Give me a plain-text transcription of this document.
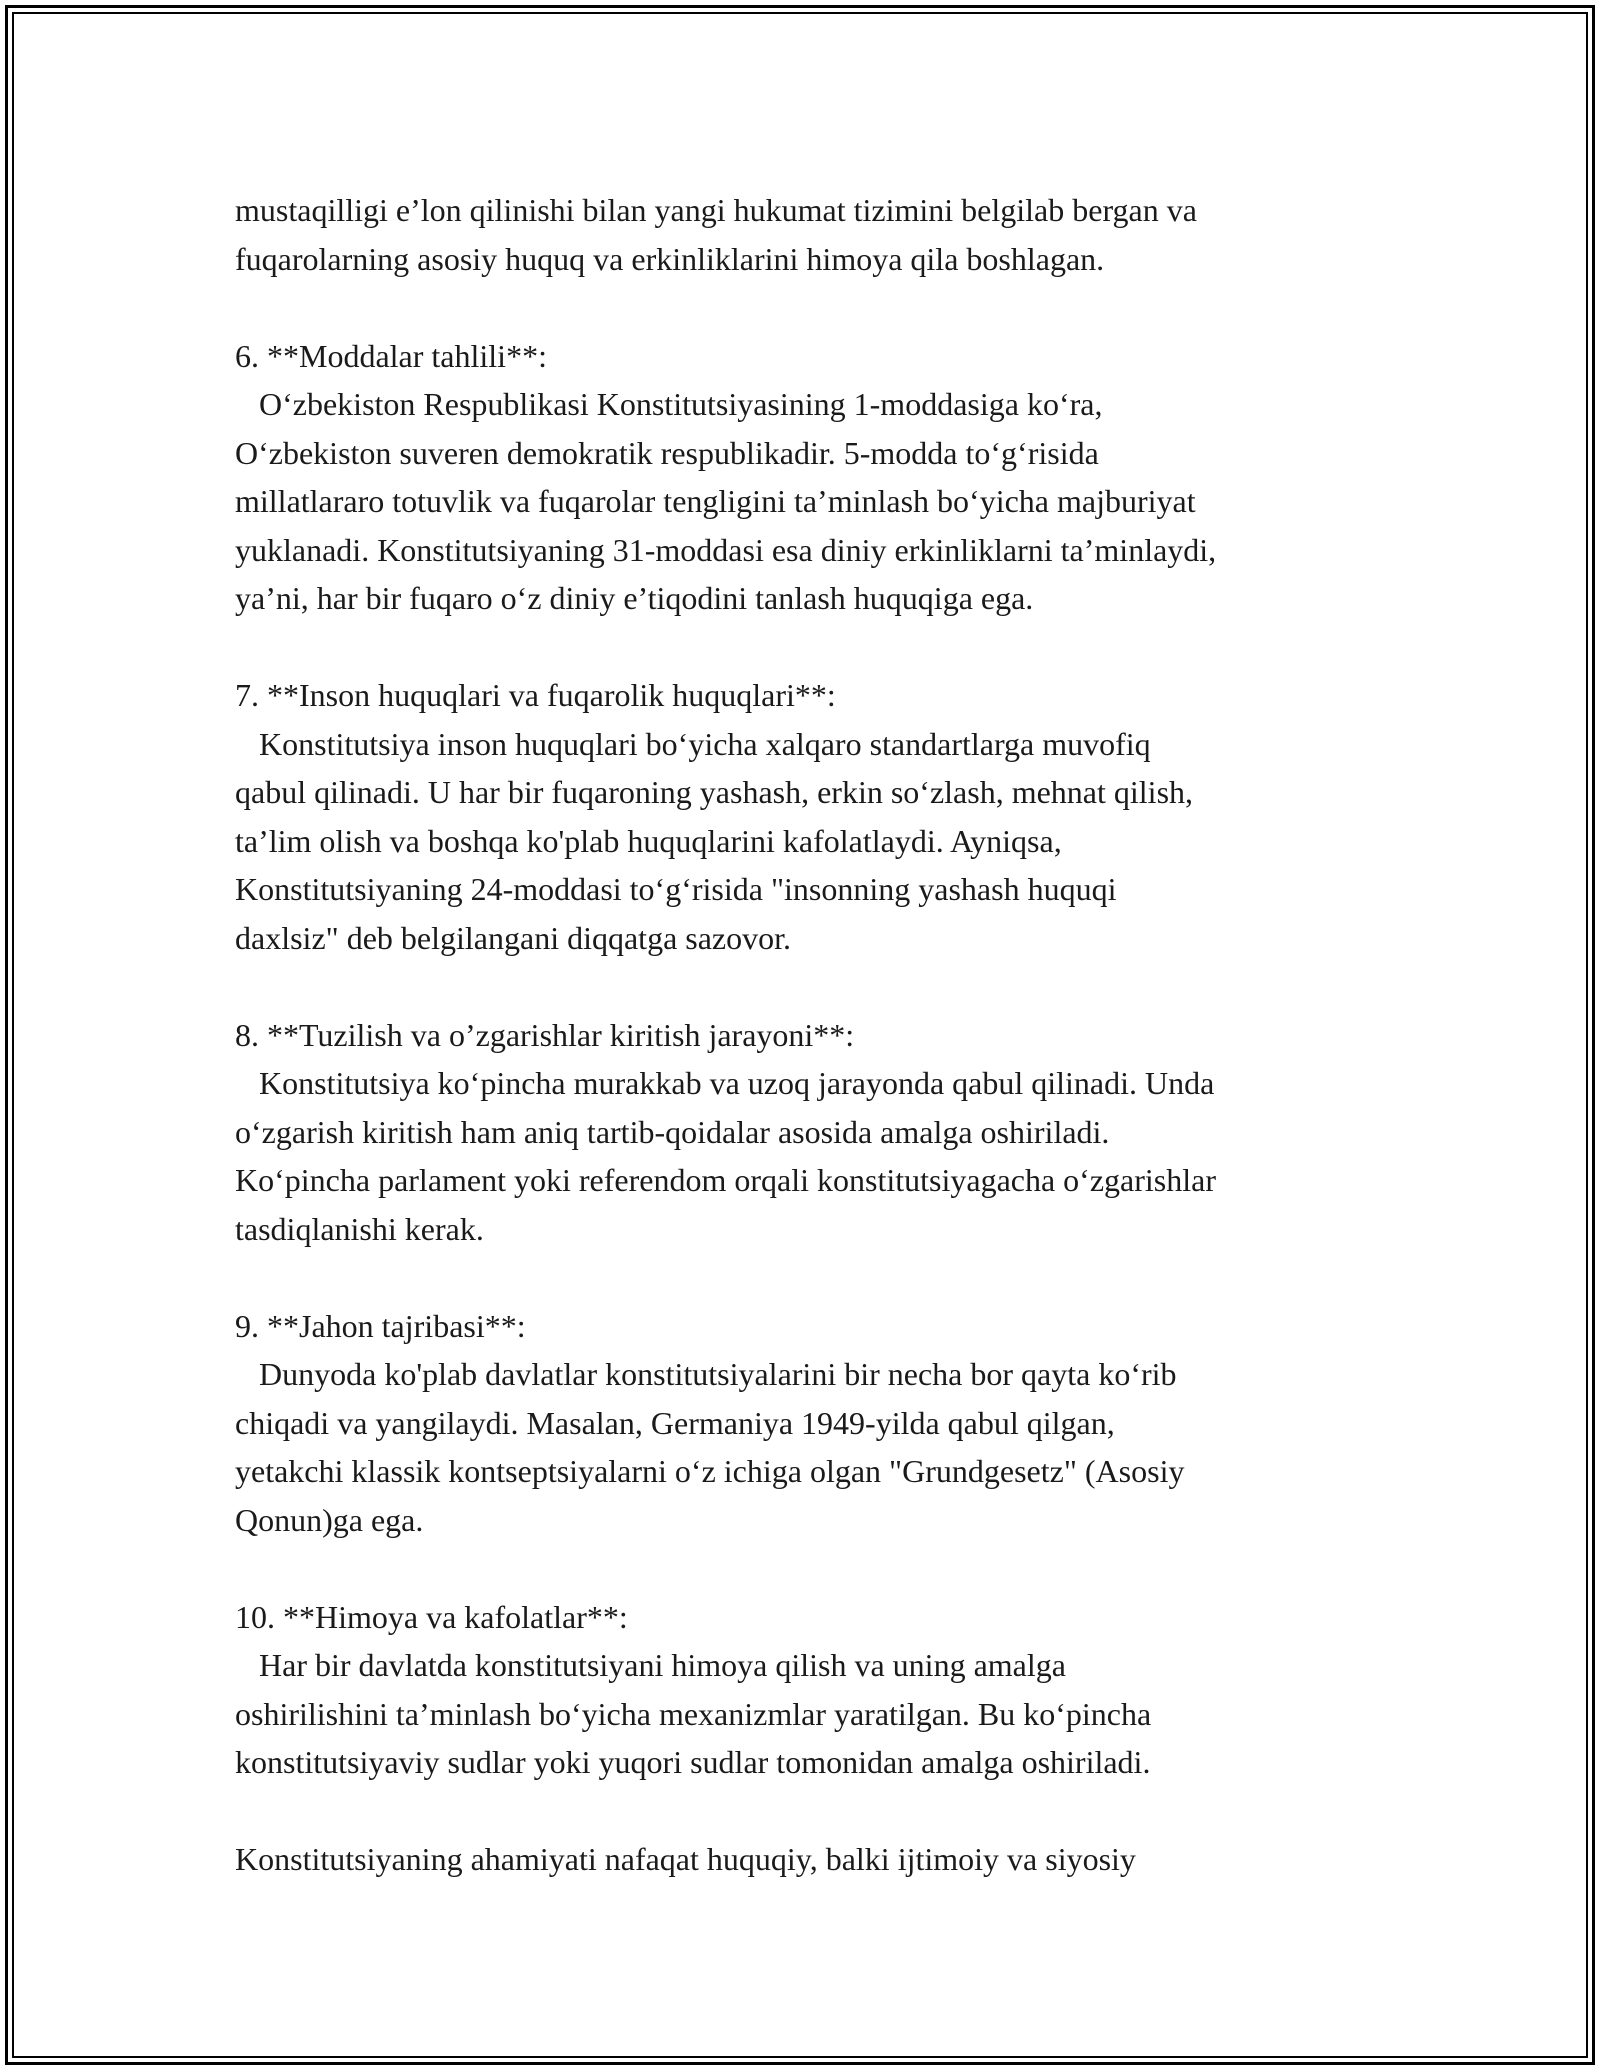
mustaqilligi e’lon qilinishi bilan yangi hukumat tizimini belgilab bergan va
fuqarolarning asosiy huquq va erkinliklarini himoya qila boshlagan.
6. **Moddalar tahlili**:
O‘zbekiston Respublikasi Konstitutsiyasining 1-moddasiga ko‘ra,
O‘zbekiston suveren demokratik respublikadir. 5-modda to‘g‘risida
millatlararo totuvlik va fuqarolar tengligini ta’minlash bo‘yicha majburiyat
yuklanadi. Konstitutsiyaning 31-moddasi esa diniy erkinliklarni ta’minlaydi,
ya’ni, har bir fuqaro o‘z diniy e’tiqodini tanlash huquqiga ega.
7. **Inson huquqlari va fuqarolik huquqlari**:
Konstitutsiya inson huquqlari bo‘yicha xalqaro standartlarga muvofiq
qabul qilinadi. U har bir fuqaroning yashash, erkin so‘zlash, mehnat qilish,
ta’lim olish va boshqa ko'plab huquqlarini kafolatlaydi. Ayniqsa,
Konstitutsiyaning 24-moddasi to‘g‘risida "insonning yashash huquqi
daxlsiz" deb belgilangani diqqatga sazovor.
8. **Tuzilish va o’zgarishlar kiritish jarayoni**:
Konstitutsiya ko‘pincha murakkab va uzoq jarayonda qabul qilinadi. Unda
o‘zgarish kiritish ham aniq tartib-qoidalar asosida amalga oshiriladi.
Ko‘pincha parlament yoki referendom orqali konstitutsiyagacha o‘zgarishlar
tasdiqlanishi kerak.
9. **Jahon tajribasi**:
Dunyoda ko'plab davlatlar konstitutsiyalarini bir necha bor qayta ko‘rib
chiqadi va yangilaydi. Masalan, Germaniya 1949-yilda qabul qilgan,
yetakchi klassik kontseptsiyalarni o‘z ichiga olgan "Grundgesetz" (Asosiy
Qonun)ga ega.
10. **Himoya va kafolatlar**:
Har bir davlatda konstitutsiyani himoya qilish va uning amalga
oshirilishini ta’minlash bo‘yicha mexanizmlar yaratilgan. Bu ko‘pincha
konstitutsiyaviy sudlar yoki yuqori sudlar tomonidan amalga oshiriladi.
Konstitutsiyaning ahamiyati nafaqat huquqiy, balki ijtimoiy va siyosiy
